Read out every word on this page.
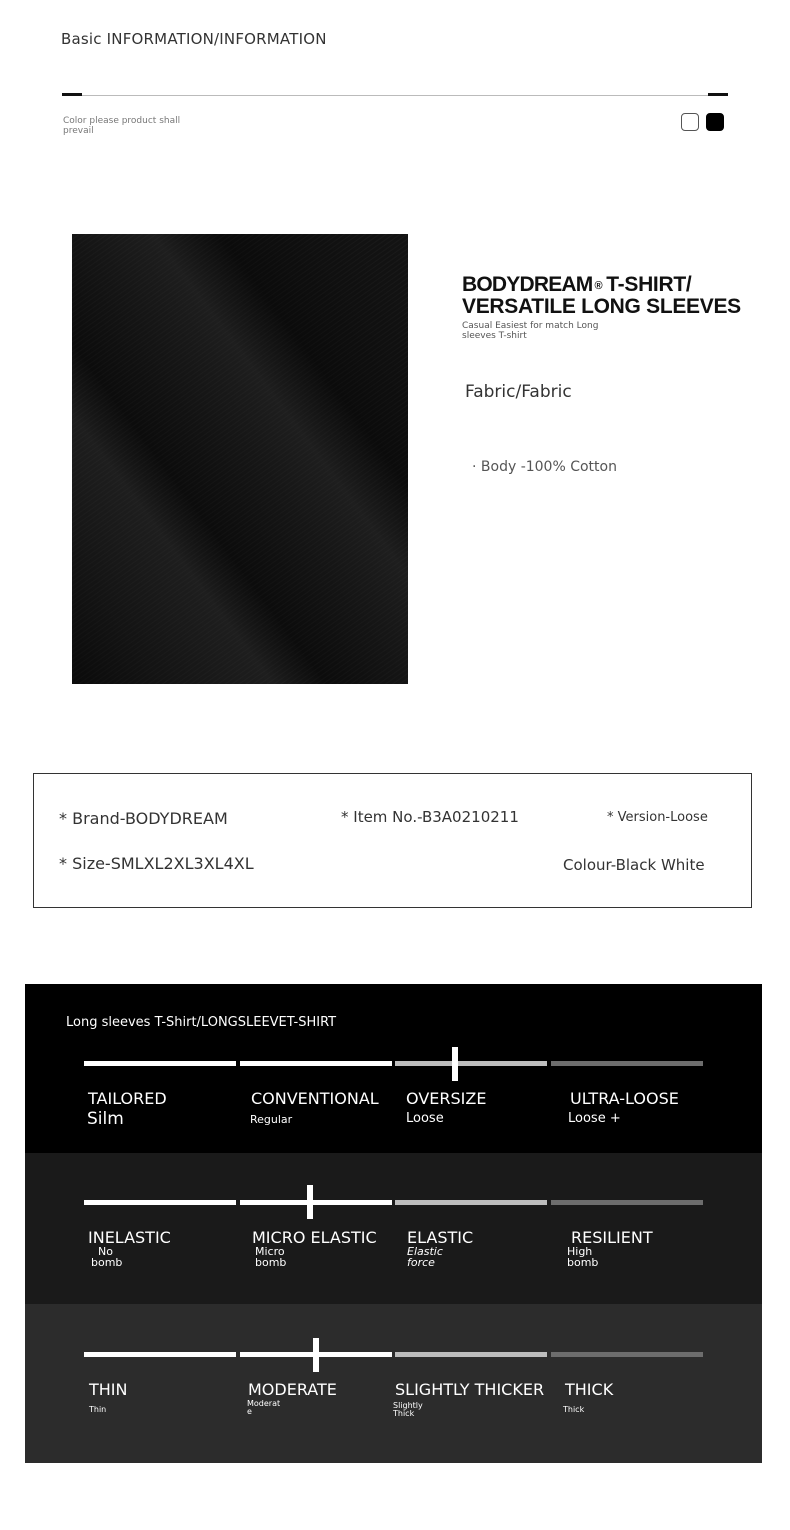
Basic INFORMATION/INFORMATION
Color please product shall prevail
BODYDREAM ® T-SHIRT/
VERSATILE LONG SLEEVES
Casual Easiest for match Long sleeves T-shirt
Fabric/Fabric
· Body -100% Cotton
* Brand-BODYDREAM	* Item No.-B3A0210211	* Version-Loose
* Size-SMLXL2XL3XL4XL	Colour-Black White
Long sleeves T-Shirt/LONGSLEEVET-SHIRT
TAILORED
Silm
CONVENTIONAL
Regular
OVERSIZE
Loose
ULTRA-LOOSE
Loose +
INELASTIC
No bomb
MICRO ELASTIC
Micro bomb
ELASTIC
Elastic force
RESILIENT
High bomb
THIN
Thin
MODERATE
Moderate
SLIGHTLY THICKER
Slightly Thick
THICK
Thick
